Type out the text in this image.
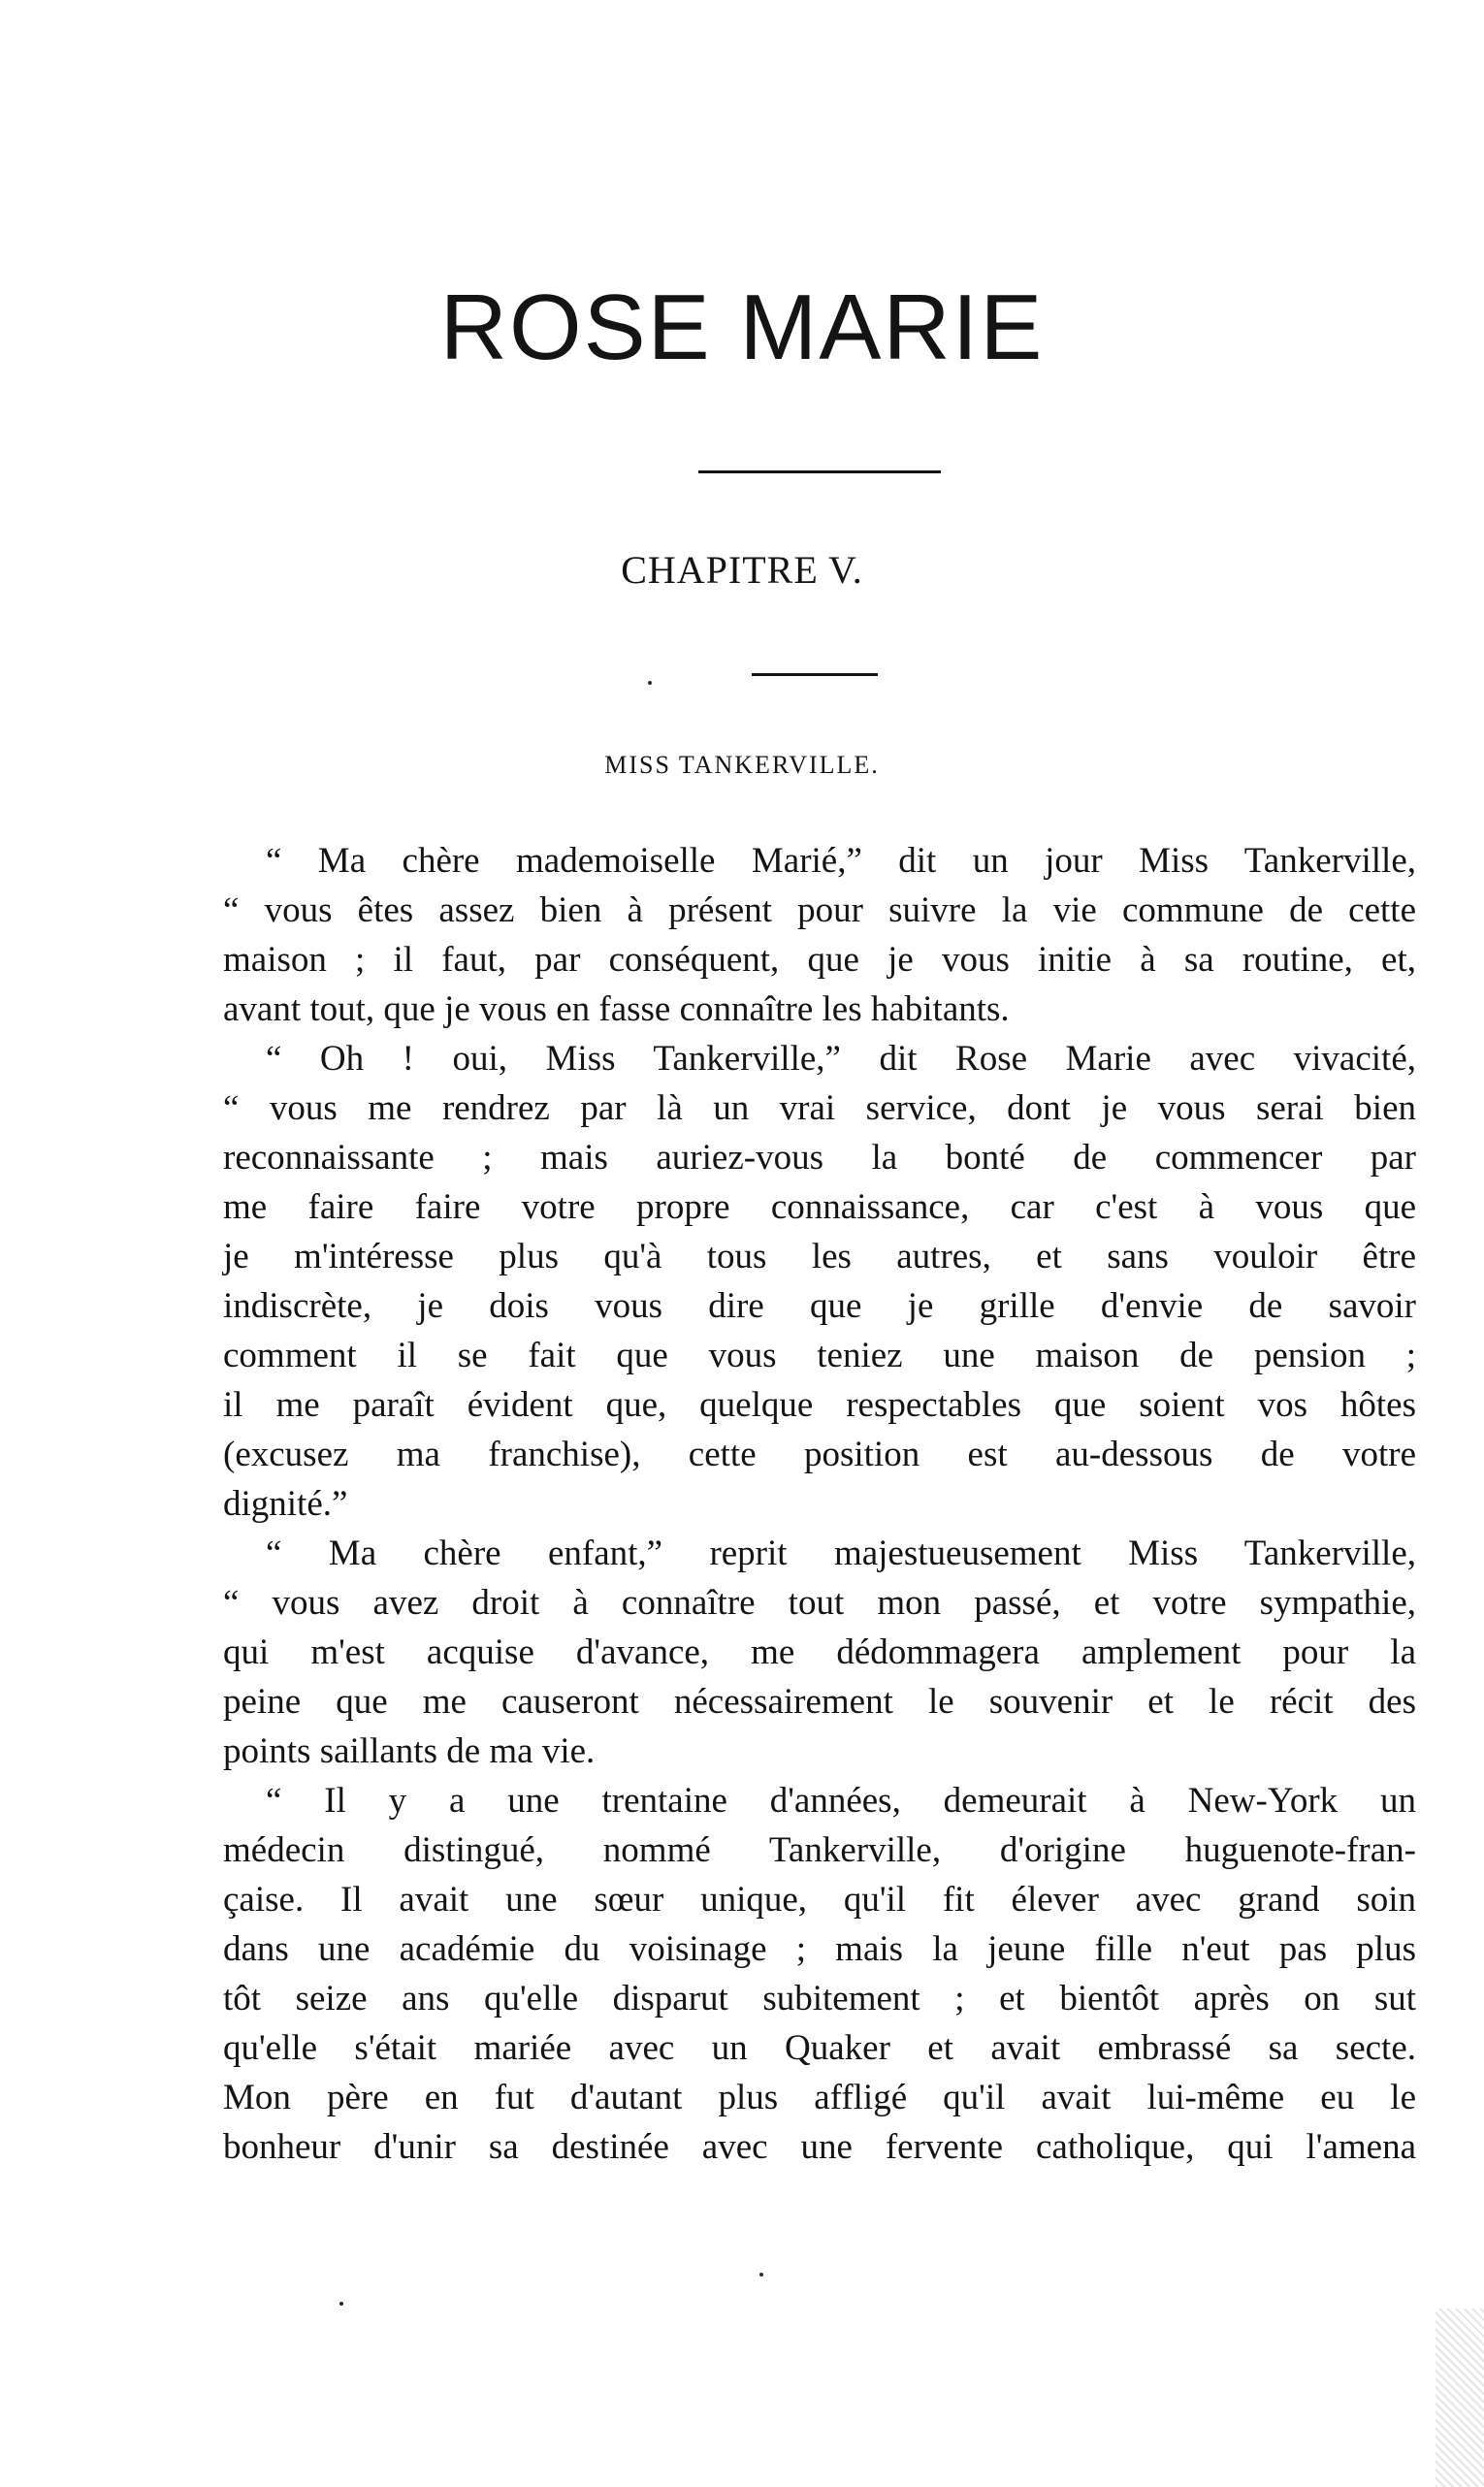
ROSE MARIE
CHAPITRE V.
MISS TANKERVILLE.
“ Ma chère mademoiselle Marié,” dit un jour Miss Tankerville,
“ vous êtes assez bien à présent pour suivre la vie commune de cette
maison ; il faut, par conséquent, que je vous initie à sa routine, et,
avant tout, que je vous en fasse connaître les habitants.
“ Oh ! oui, Miss Tankerville,” dit Rose Marie avec vivacité,
“ vous me rendrez par là un vrai service, dont je vous serai bien
reconnaissante ; mais auriez-vous la bonté de commencer par
me faire faire votre propre connaissance, car c'est à vous que
je m'intéresse plus qu'à tous les autres, et sans vouloir être
indiscrète, je dois vous dire que je grille d'envie de savoir
comment il se fait que vous teniez une maison de pension ;
il me paraît évident que, quelque respectables que soient vos hôtes
(excusez ma franchise), cette position est au-dessous de votre
dignité.”
“ Ma chère enfant,” reprit majestueusement Miss Tankerville,
“ vous avez droit à connaître tout mon passé, et votre sympathie,
qui m'est acquise d'avance, me dédommagera amplement pour la
peine que me causeront nécessairement le souvenir et le récit des
points saillants de ma vie.
“ Il y a une trentaine d'années, demeurait à New-York un
médecin distingué, nommé Tankerville, d'origine huguenote-fran-
çaise. Il avait une sœur unique, qu'il fit élever avec grand soin
dans une académie du voisinage ; mais la jeune fille n'eut pas plus
tôt seize ans qu'elle disparut subitement ; et bientôt après on sut
qu'elle s'était mariée avec un Quaker et avait embrassé sa secte.
Mon père en fut d'autant plus affligé qu'il avait lui-même eu le
bonheur d'unir sa destinée avec une fervente catholique, qui l'amena
